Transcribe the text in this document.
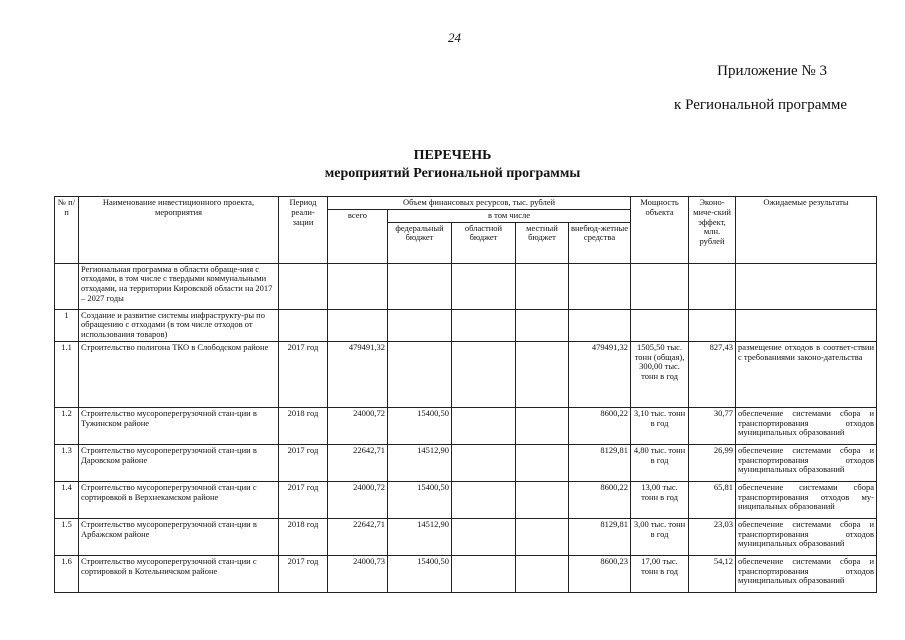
24
Приложение № 3
к Региональной программе
ПЕРЕЧЕНЬ
мероприятий Региональной программы
№ п/п	Наименование инвестиционного проекта, мероприятия	Период реали-зации	Объем финансовых ресурсов, тыс. рублей					Мощность объекта	Эконо-миче-ский эффект, млн. рублей	Ожидаемые результаты
			всего	в том числе						
				федеральный бюджет	областной бюджет	местный бюджет	внебюд-жетные средства			
	Региональная программа в области обраще-ния с отходами, в том числе с твердыми коммунальными отходами, на территории Кировской области на 2017 – 2027 годы									
1	Создание и развитие системы инфраструкту-ры по обращению с отходами (в том числе отходов от использования товаров)									
1.1	Строительство полигона ТКО в Слободском районе	2017 год	479491,32				479491,32	1505,50 тыс. тонн (общая), 300,00 тыс. тонн в год	827,43	размещение отходов в соответ-ствии с требованиями законо-дательства
1.2	Строительство мусороперегрузочной стан-ции в Тужинском районе	2018 год	24000,72	15400,50			8600,22	3,10 тыс. тонн в год	30,77	обеспечение системами сбора и транспортирования отходов муниципальных образований
1.3	Строительство мусороперегрузочной стан-ции в Даровском районе	2017 год	22642,71	14512,90			8129,81	4,80 тыс. тонн в год	26,99	обеспечение системами сбора и транспортирования отходов муниципальных образований
1.4	Строительство мусороперегрузочной стан-ции с сортировкой в Верхнекамском районе	2017 год	24000,72	15400,50			8600,22	13,00 тыс. тонн в год	65,81	обеспечение системами сбора транспортирования отходов му-ниципальных образований
1.5	Строительство мусороперегрузочной стан-ции в Арбажском районе	2018 год	22642,71	14512,90			8129,81	3,00 тыс. тонн в год	23,03	обеспечение системами сбора и транспортирования отходов муниципальных образований
1.6	Строительство мусороперегрузочной стан-ции с сортировкой в Котельничском районе	2017 год	24000,73	15400,50			8600,23	17,00 тыс. тонн в год	54,12	обеспечение системами сбора и транспортирования отходов муниципальных образований
